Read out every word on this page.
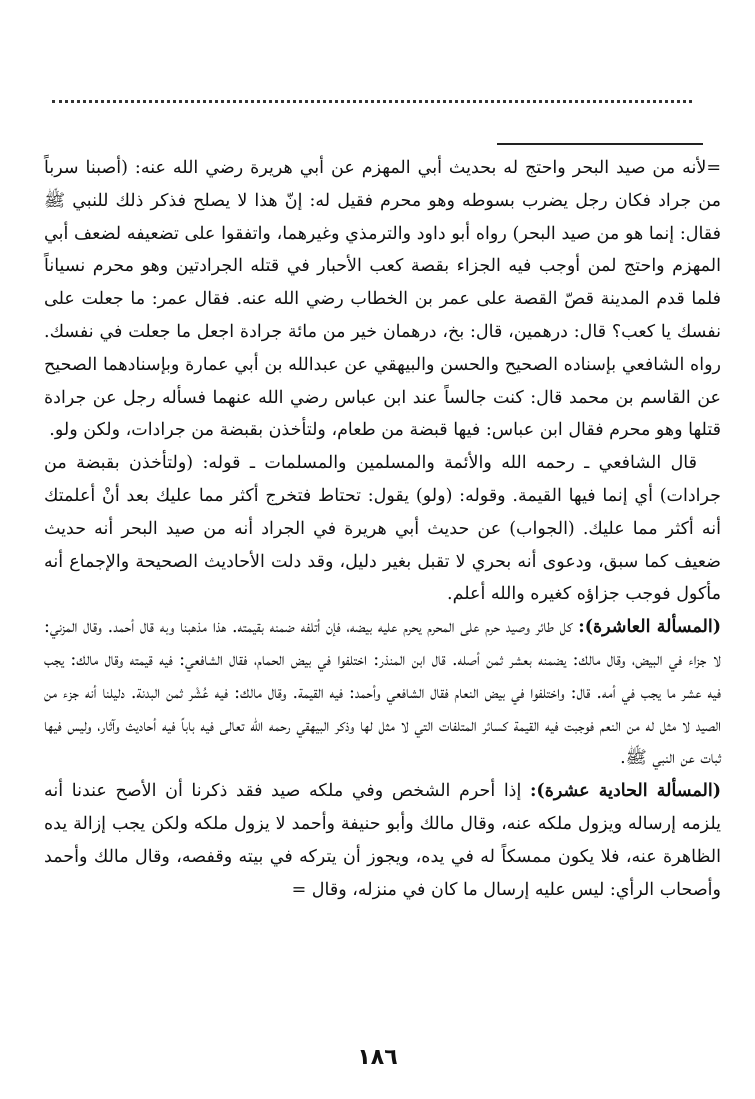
=لأنه من صيد البحر واحتج له بحديث أبي المهزم عن أبي هريرة رضي الله عنه: (أصبنا سرباً من جراد فكان رجل يضرب بسوطه وهو محرم فقيل له: إنّ هذا لا يصلح فذكر ذلك للنبي ﷺ فقال: إنما هو من صيد البحر) رواه أبو داود والترمذي وغيرهما، واتفقوا على تضعيفه لضعف أبي المهزم واحتج لمن أوجب فيه الجزاء بقصة كعب الأحبار في قتله الجرادتين وهو محرم نسياناً فلما قدم المدينة قصّ القصة على عمر بن الخطاب رضي الله عنه. فقال عمر: ما جعلت على نفسك يا كعب؟ قال: درهمين، قال: بخ، درهمان خير من مائة جرادة اجعل ما جعلت في نفسك. رواه الشافعي بإسناده الصحيح والحسن والبيهقي عن عبدالله بن أبي عمارة وبإسنادهما الصحيح عن القاسم بن محمد قال: كنت جالساً عند ابن عباس رضي الله عنهما فسأله رجل عن جرادة قتلها وهو محرم فقال ابن عباس: فيها قبضة من طعام، ولتأخذن بقبضة من جرادات، ولكن ولو.

قال الشافعي ـ رحمه الله والأئمة والمسلمين والمسلمات ـ قوله: (ولتأخذن بقبضة من جرادات) أي إنما فيها القيمة. وقوله: (ولو) يقول: تحتاط فتخرج أكثر مما عليك بعد أنْ أعلمتك أنه أكثر مما عليك. (الجواب) عن حديث أبي هريرة في الجراد أنه من صيد البحر أنه حديث ضعيف كما سبق، ودعوى أنه بحري لا تقبل بغير دليل، وقد دلت الأحاديث الصحيحة والإجماع أنه مأكول فوجب جزاؤه كغيره والله أعلم.

(المسألة العاشرة): كل طائر وصيد حرم على المحرم يحرم عليه بيضه، فإن أتلفه ضمنه بقيمته. هذا مذهبنا وبه قال أحمد. وقال المزني: لا جزاء في البيض، وقال مالك: يضمنه بعشر ثمن أصله. قال ابن المنذر: اختلفوا في بيض الحمام، فقال الشافعي: فيه قيمته وقال مالك: يجب فيه عشر ما يجب في أمه. قال: واختلفوا في بيض النعام فقال الشافعي وأحمد: فيه القيمة. وقال مالك: فيه عُشْر ثمن البدنة. دليلنا أنه جزء من الصيد لا مثل له من النعم فوجبت فيه القيمة كسائر المتلفات التي لا مثل لها وذكر البيهقي رحمه الله تعالى فيه باباً فيه أحاديث وآثار، وليس فيها ثبات عن النبي ﷺ.

(المسألة الحادية عشرة): إذا أحرم الشخص وفي ملكه صيد فقد ذكرنا أن الأصح عندنا أنه يلزمه إرساله ويزول ملكه عنه، وقال مالك وأبو حنيفة وأحمد لا يزول ملكه ولكن يجب إزالة يده الظاهرة عنه، فلا يكون ممسكاً له في يده، ويجوز أن يتركه في بيته وقفصه، وقال مالك وأحمد وأصحاب الرأي: ليس عليه إرسال ما كان في منزله، وقال =

١٨٦
